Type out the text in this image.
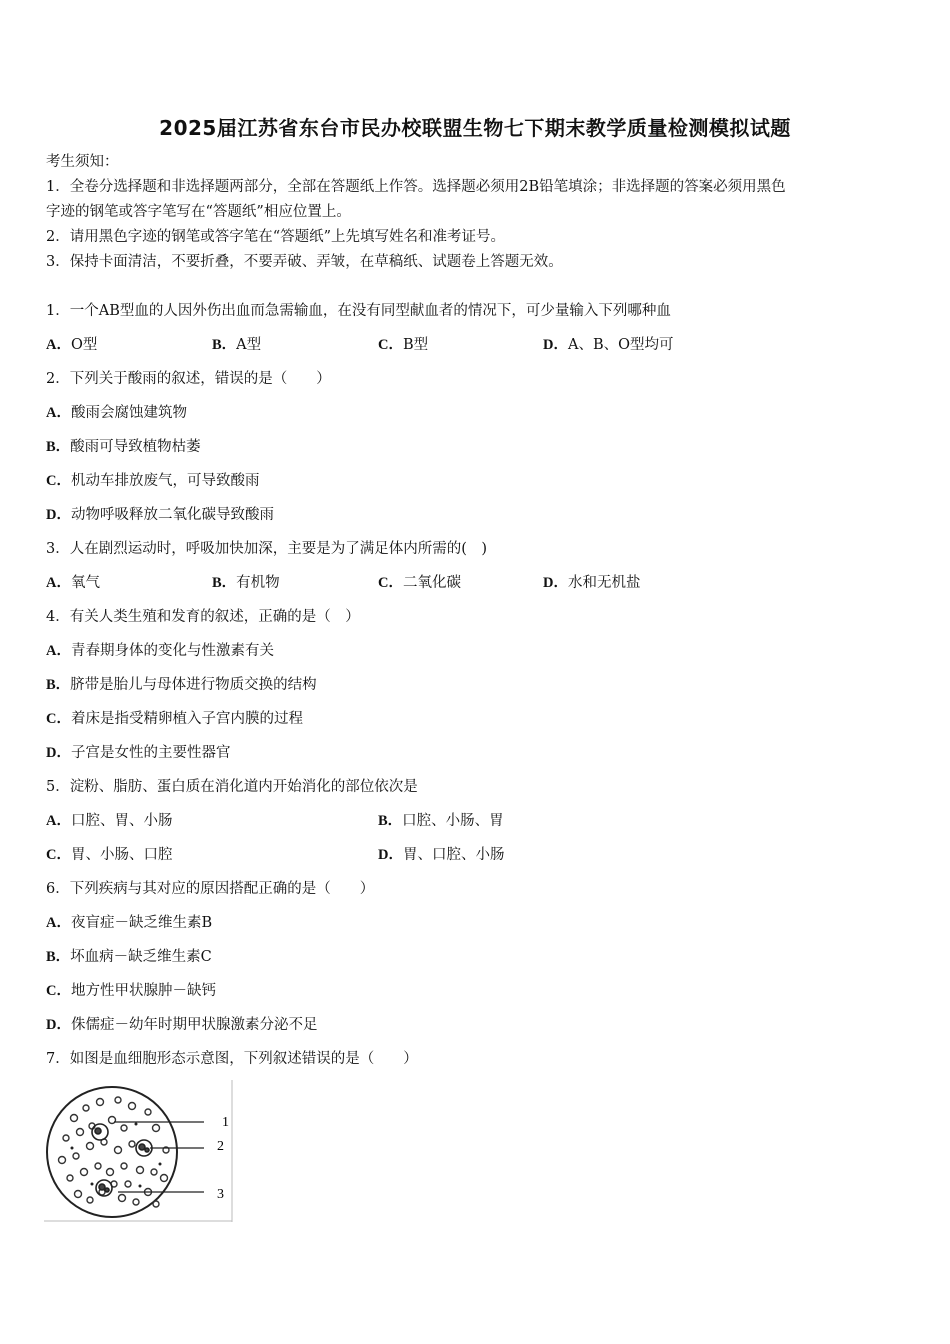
2025届江苏省东台市民办校联盟生物七下期末教学质量检测模拟试题
考生须知：
1．全卷分选择题和非选择题两部分，全部在答题纸上作答。选择题必须用2B铅笔填涂；非选择题的答案必须用黑色
字迹的钢笔或答字笔写在“答题纸”相应位置上。
2．请用黑色字迹的钢笔或答字笔在“答题纸”上先填写姓名和准考证号。
3．保持卡面清洁，不要折叠，不要弄破、弄皱，在草稿纸、试题卷上答题无效。
1．一个AB型血的人因外伤出血而急需输血，在没有同型献血者的情况下，可少量输入下列哪种血
A．O型	B．A型	C．B型	D．A、B、O型均可
2．下列关于酸雨的叙述，错误的是（　　）
A．酸雨会腐蚀建筑物
B．酸雨可导致植物枯萎
C．机动车排放废气，可导致酸雨
D．动物呼吸释放二氧化碳导致酸雨
3．人在剧烈运动时，呼吸加快加深，主要是为了满足体内所需的(　)
A．氧气	B．有机物	C．二氧化碳	D．水和无机盐
4．有关人类生殖和发育的叙述，正确的是（　）
A．青春期身体的变化与性激素有关
B．脐带是胎儿与母体进行物质交换的结构
C．着床是指受精卵植入子宫内膜的过程
D．子宫是女性的主要性器官
5．淀粉、脂肪、蛋白质在消化道内开始消化的部位依次是
A．口腔、胃、小肠	B．口腔、小肠、胃
C．胃、小肠、口腔	D．胃、口腔、小肠
6．下列疾病与其对应的原因搭配正确的是（　　）
A．夜盲症－缺乏维生素B
B．坏血病－缺乏维生素C
C．地方性甲状腺肿－缺钙
D．侏儒症－幼年时期甲状腺激素分泌不足
7．如图是血细胞形态示意图，下列叙述错误的是（　　）
1
2
3
